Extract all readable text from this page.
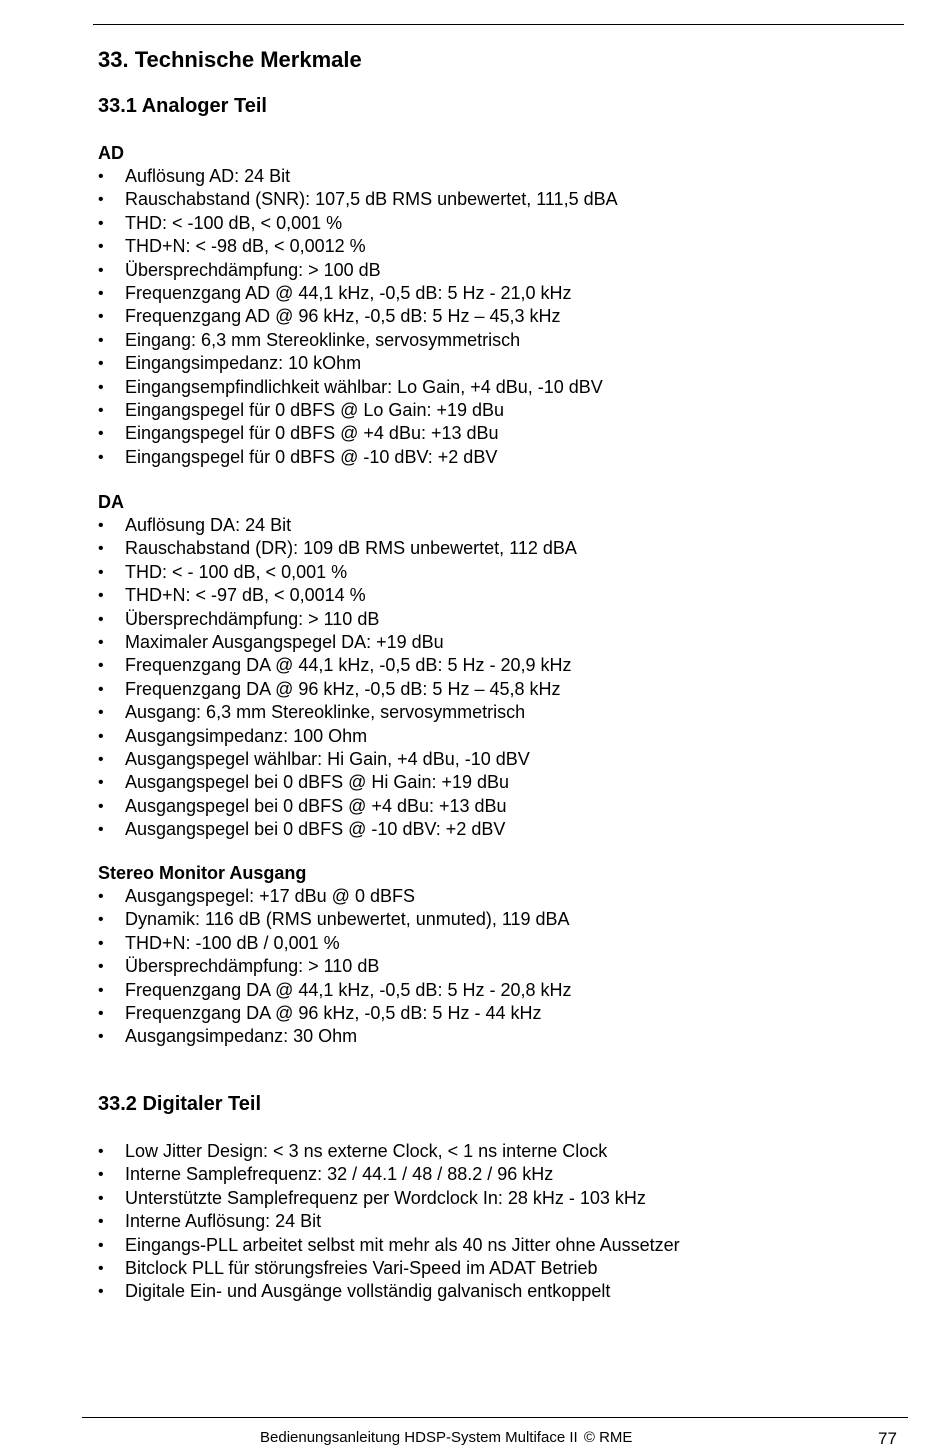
33. Technische Merkmale
33.1 Analoger Teil
AD
• Auflösung AD: 24 Bit
• Rauschabstand (SNR): 107,5 dB RMS unbewertet, 111,5 dBA
• THD: < -100 dB, < 0,001 %
• THD+N: < -98 dB, < 0,0012 %
• Übersprechdämpfung: > 100 dB
• Frequenzgang AD @ 44,1 kHz, -0,5 dB: 5 Hz - 21,0 kHz
• Frequenzgang AD @ 96 kHz, -0,5 dB: 5 Hz – 45,3 kHz
• Eingang: 6,3 mm Stereoklinke, servosymmetrisch
• Eingangsimpedanz: 10 kOhm
• Eingangsempfindlichkeit wählbar: Lo Gain, +4 dBu, -10 dBV
• Eingangspegel für 0 dBFS @ Lo Gain: +19 dBu
• Eingangspegel für 0 dBFS @ +4 dBu: +13 dBu
• Eingangspegel für 0 dBFS @ -10 dBV: +2 dBV
DA
• Auflösung DA: 24 Bit
• Rauschabstand (DR): 109 dB RMS unbewertet, 112 dBA
• THD: < - 100 dB, < 0,001 %
• THD+N: < -97 dB, < 0,0014 %
• Übersprechdämpfung: > 110 dB
• Maximaler Ausgangspegel DA: +19 dBu
• Frequenzgang DA @ 44,1 kHz, -0,5 dB: 5 Hz - 20,9 kHz
• Frequenzgang DA @ 96 kHz, -0,5 dB: 5 Hz – 45,8 kHz
• Ausgang: 6,3 mm Stereoklinke, servosymmetrisch
• Ausgangsimpedanz: 100 Ohm
• Ausgangspegel wählbar: Hi Gain, +4 dBu, -10 dBV
• Ausgangspegel bei 0 dBFS @ Hi Gain: +19 dBu
• Ausgangspegel bei 0 dBFS @ +4 dBu: +13 dBu
• Ausgangspegel bei 0 dBFS @ -10 dBV: +2 dBV
Stereo Monitor Ausgang
• Ausgangspegel: +17 dBu @ 0 dBFS
• Dynamik: 116 dB (RMS unbewertet, unmuted), 119 dBA
• THD+N: -100 dB / 0,001 %
• Übersprechdämpfung: > 110 dB
• Frequenzgang DA @ 44,1 kHz, -0,5 dB: 5 Hz - 20,8 kHz
• Frequenzgang DA @ 96 kHz, -0,5 dB: 5 Hz - 44 kHz
• Ausgangsimpedanz: 30 Ohm
33.2 Digitaler Teil
• Low Jitter Design: < 3 ns externe Clock, < 1 ns interne Clock
• Interne Samplefrequenz: 32 / 44.1 / 48 / 88.2 / 96 kHz
• Unterstützte Samplefrequenz per Wordclock In: 28 kHz - 103 kHz
• Interne Auflösung: 24 Bit
• Eingangs-PLL arbeitet selbst mit mehr als 40 ns Jitter ohne Aussetzer
• Bitclock PLL für störungsfreies Vari-Speed im ADAT Betrieb
• Digitale Ein- und Ausgänge vollständig galvanisch entkoppelt
Bedienungsanleitung HDSP-System Multiface II © RME	77
